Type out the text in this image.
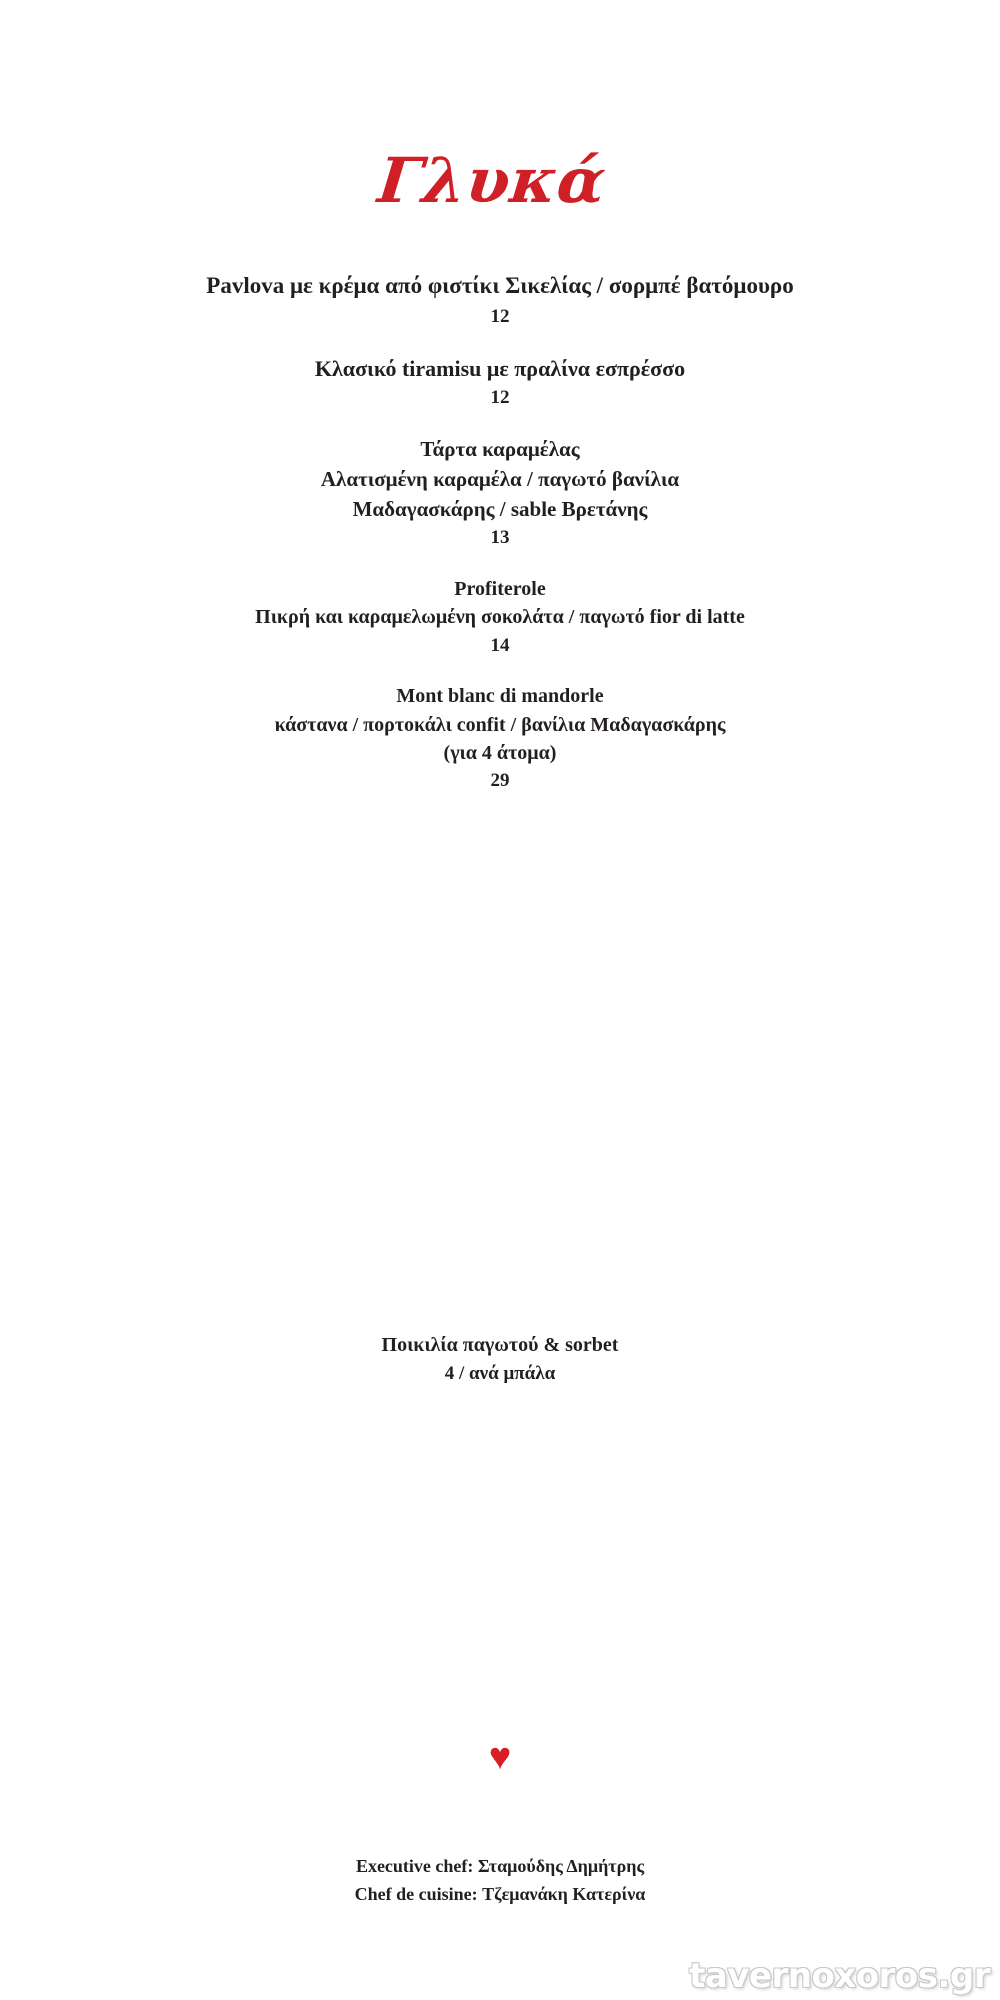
Γλυκά
Pavlova με κρέμα από φιστίκι Σικελίας / σορμπέ βατόμουρο
12
Κλασικό tiramisu με πραλίνα εσπρέσσο
12
Τάρτα καραμέλας
Αλατισμένη καραμέλα / παγωτό βανίλια
Μαδαγασκάρης / sable Βρετάνης
13
Profiterole
Πικρή και καραμελωμένη σοκολάτα / παγωτό fior di latte
14
Mont blanc di mandorle
κάστανα / πορτοκάλι confit / βανίλια Μαδαγασκάρης
(για 4 άτομα)
29
Ποικιλία παγωτού & sorbet
4 / ανά μπάλα
♥
Executive chef: Σταμούδης Δημήτρης
Chef de cuisine: Τζεμανάκη Κατερίνα
tavernoxoros.gr
